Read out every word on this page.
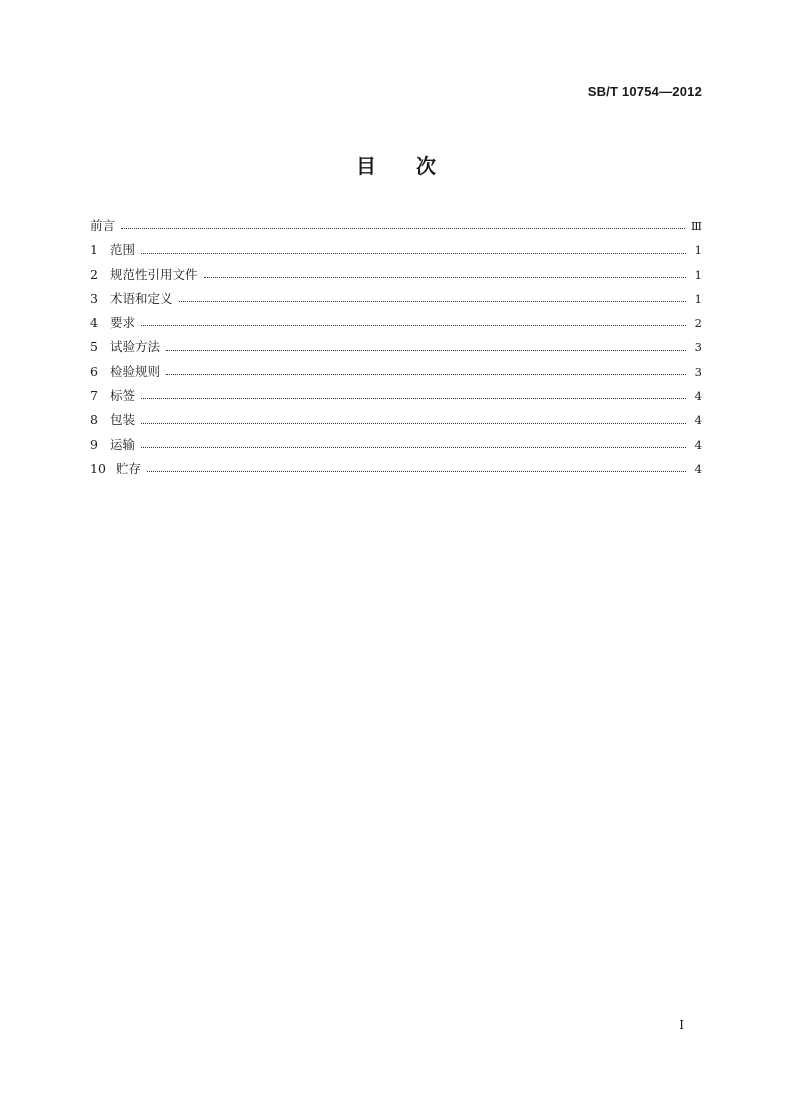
SB/T 10754—2012
目次
前言	Ⅲ
1 范围	1
2 规范性引用文件	1
3 术语和定义	1
4 要求	2
5 试验方法	3
6 检验规则	3
7 标签	4
8 包装	4
9 运输	4
10 贮存	4
I
